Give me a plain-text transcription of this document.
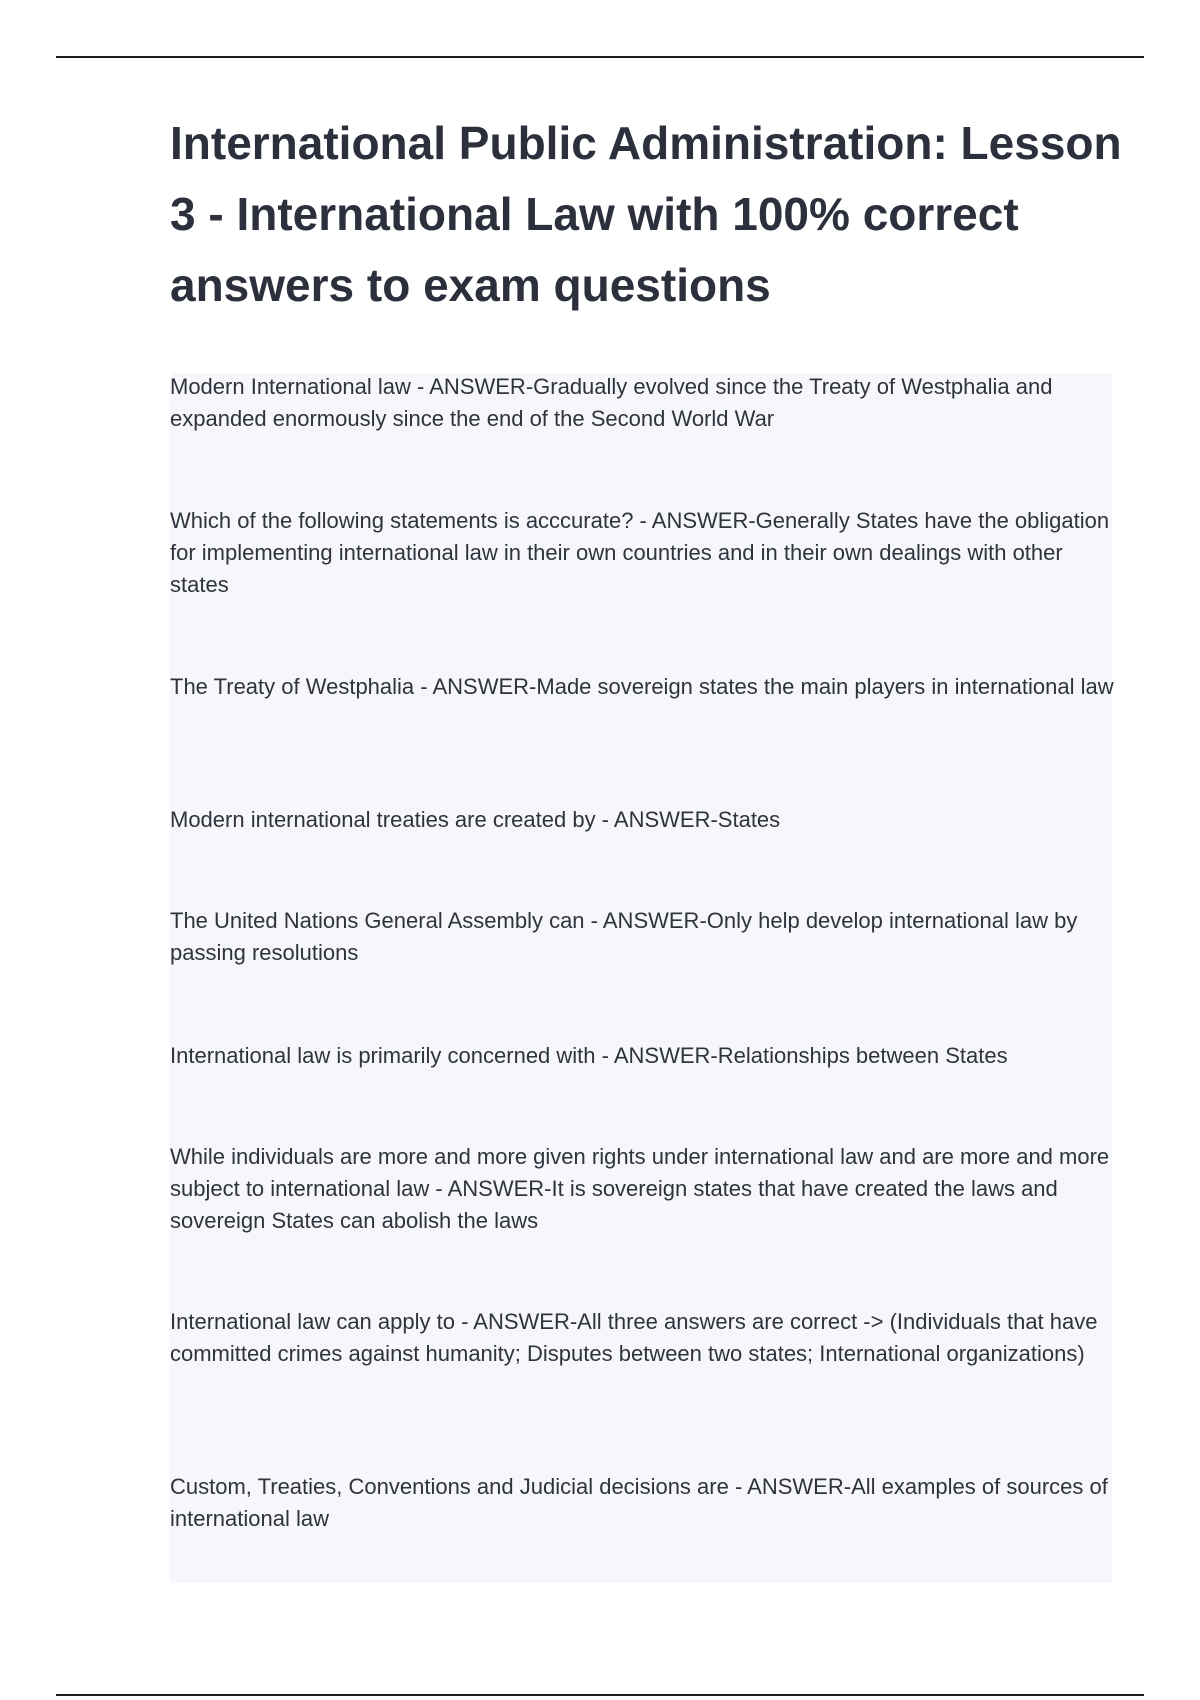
International Public Administration: Lesson 3 - International Law with 100% correct answers to exam questions

Modern International law - ANSWER-Gradually evolved since the Treaty of Westphalia and expanded enormously since the end of the Second World War

Which of the following statements is acccurate? - ANSWER-Generally States have the obligation for implementing international law in their own countries and in their own dealings with other states

The Treaty of Westphalia - ANSWER-Made sovereign states the main players in international law

Modern international treaties are created by - ANSWER-States

The United Nations General Assembly can - ANSWER-Only help develop international law by passing resolutions

International law is primarily concerned with - ANSWER-Relationships between States

While individuals are more and more given rights under international law and are more and more subject to international law - ANSWER-It is sovereign states that have created the laws and sovereign States can abolish the laws

International law can apply to - ANSWER-All three answers are correct -> (Individuals that have committed crimes against humanity; Disputes between two states; International organizations)

Custom, Treaties, Conventions and Judicial decisions are - ANSWER-All examples of sources of international law
